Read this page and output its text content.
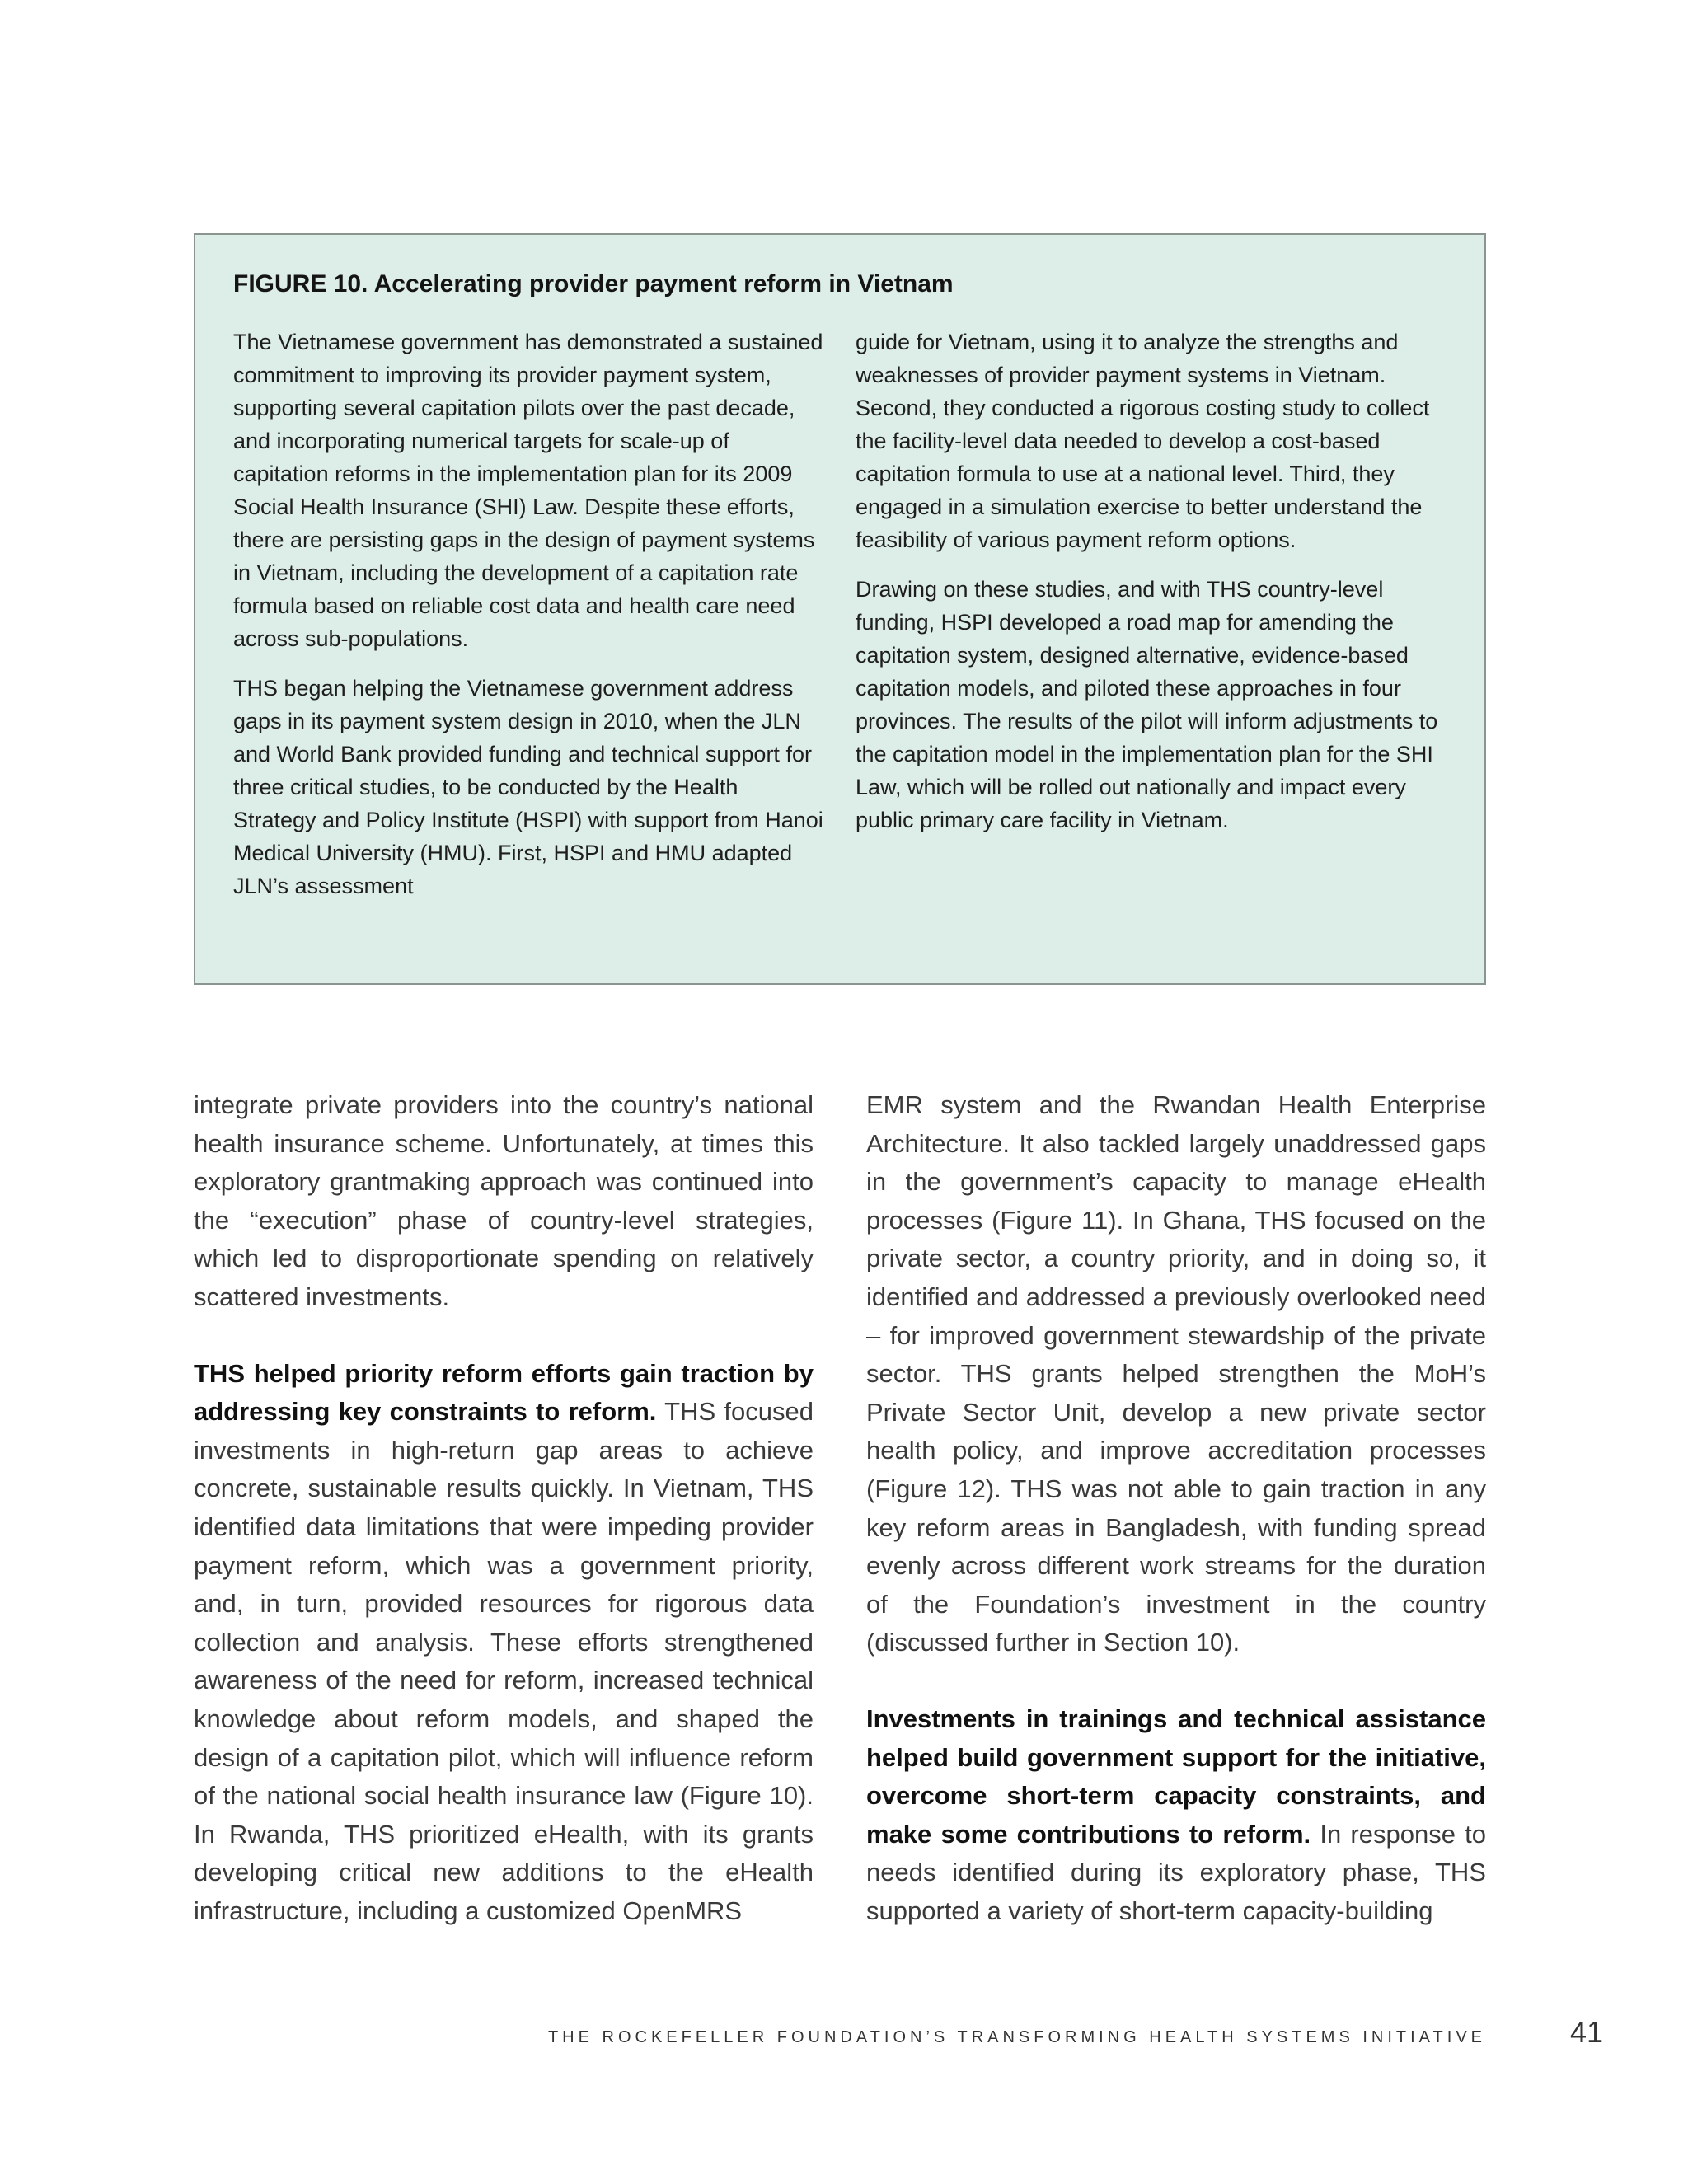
FIGURE 10. Accelerating provider payment reform in Vietnam

The Vietnamese government has demonstrated a sustained commitment to improving its provider payment system, supporting several capitation pilots over the past decade, and incorporating numerical targets for scale-up of capitation reforms in the implementation plan for its 2009 Social Health Insurance (SHI) Law. Despite these efforts, there are persisting gaps in the design of payment systems in Vietnam, including the development of a capitation rate formula based on reliable cost data and health care need across sub-populations.

THS began helping the Vietnamese government address gaps in its payment system design in 2010, when the JLN and World Bank provided funding and technical support for three critical studies, to be conducted by the Health Strategy and Policy Institute (HSPI) with support from Hanoi Medical University (HMU). First, HSPI and HMU adapted JLN’s assessment

guide for Vietnam, using it to analyze the strengths and weaknesses of provider payment systems in Vietnam. Second, they conducted a rigorous costing study to collect the facility-level data needed to develop a cost-based capitation formula to use at a national level. Third, they engaged in a simulation exercise to better understand the feasibility of various payment reform options.

Drawing on these studies, and with THS country-level funding, HSPI developed a road map for amending the capitation system, designed alternative, evidence-based capitation models, and piloted these approaches in four provinces. The results of the pilot will inform adjustments to the capitation model in the implementation plan for the SHI Law, which will be rolled out nationally and impact every public primary care facility in Vietnam.

integrate private providers into the country’s national health insurance scheme. Unfortunately, at times this exploratory grantmaking approach was continued into the “execution” phase of country-level strategies, which led to disproportionate spending on relatively scattered investments.

THS helped priority reform efforts gain traction by addressing key constraints to reform. THS focused investments in high-return gap areas to achieve concrete, sustainable results quickly. In Vietnam, THS identified data limitations that were impeding provider payment reform, which was a government priority, and, in turn, provided resources for rigorous data collection and analysis. These efforts strengthened awareness of the need for reform, increased technical knowledge about reform models, and shaped the design of a capitation pilot, which will influence reform of the national social health insurance law (Figure 10). In Rwanda, THS prioritized eHealth, with its grants developing critical new additions to the eHealth infrastructure, including a customized OpenMRS

EMR system and the Rwandan Health Enterprise Architecture. It also tackled largely unaddressed gaps in the government’s capacity to manage eHealth processes (Figure 11). In Ghana, THS focused on the private sector, a country priority, and in doing so, it identified and addressed a previously overlooked need – for improved government stewardship of the private sector. THS grants helped strengthen the MoH’s Private Sector Unit, develop a new private sector health policy, and improve accreditation processes (Figure 12). THS was not able to gain traction in any key reform areas in Bangladesh, with funding spread evenly across different work streams for the duration of the Foundation’s investment in the country (discussed further in Section 10).

Investments in trainings and technical assistance helped build government support for the initiative, overcome short-term capacity constraints, and make some contributions to reform. In response to needs identified during its exploratory phase, THS supported a variety of short-term capacity-building

THE ROCKEFELLER FOUNDATION’S TRANSFORMING HEALTH SYSTEMS INITIATIVE	41
